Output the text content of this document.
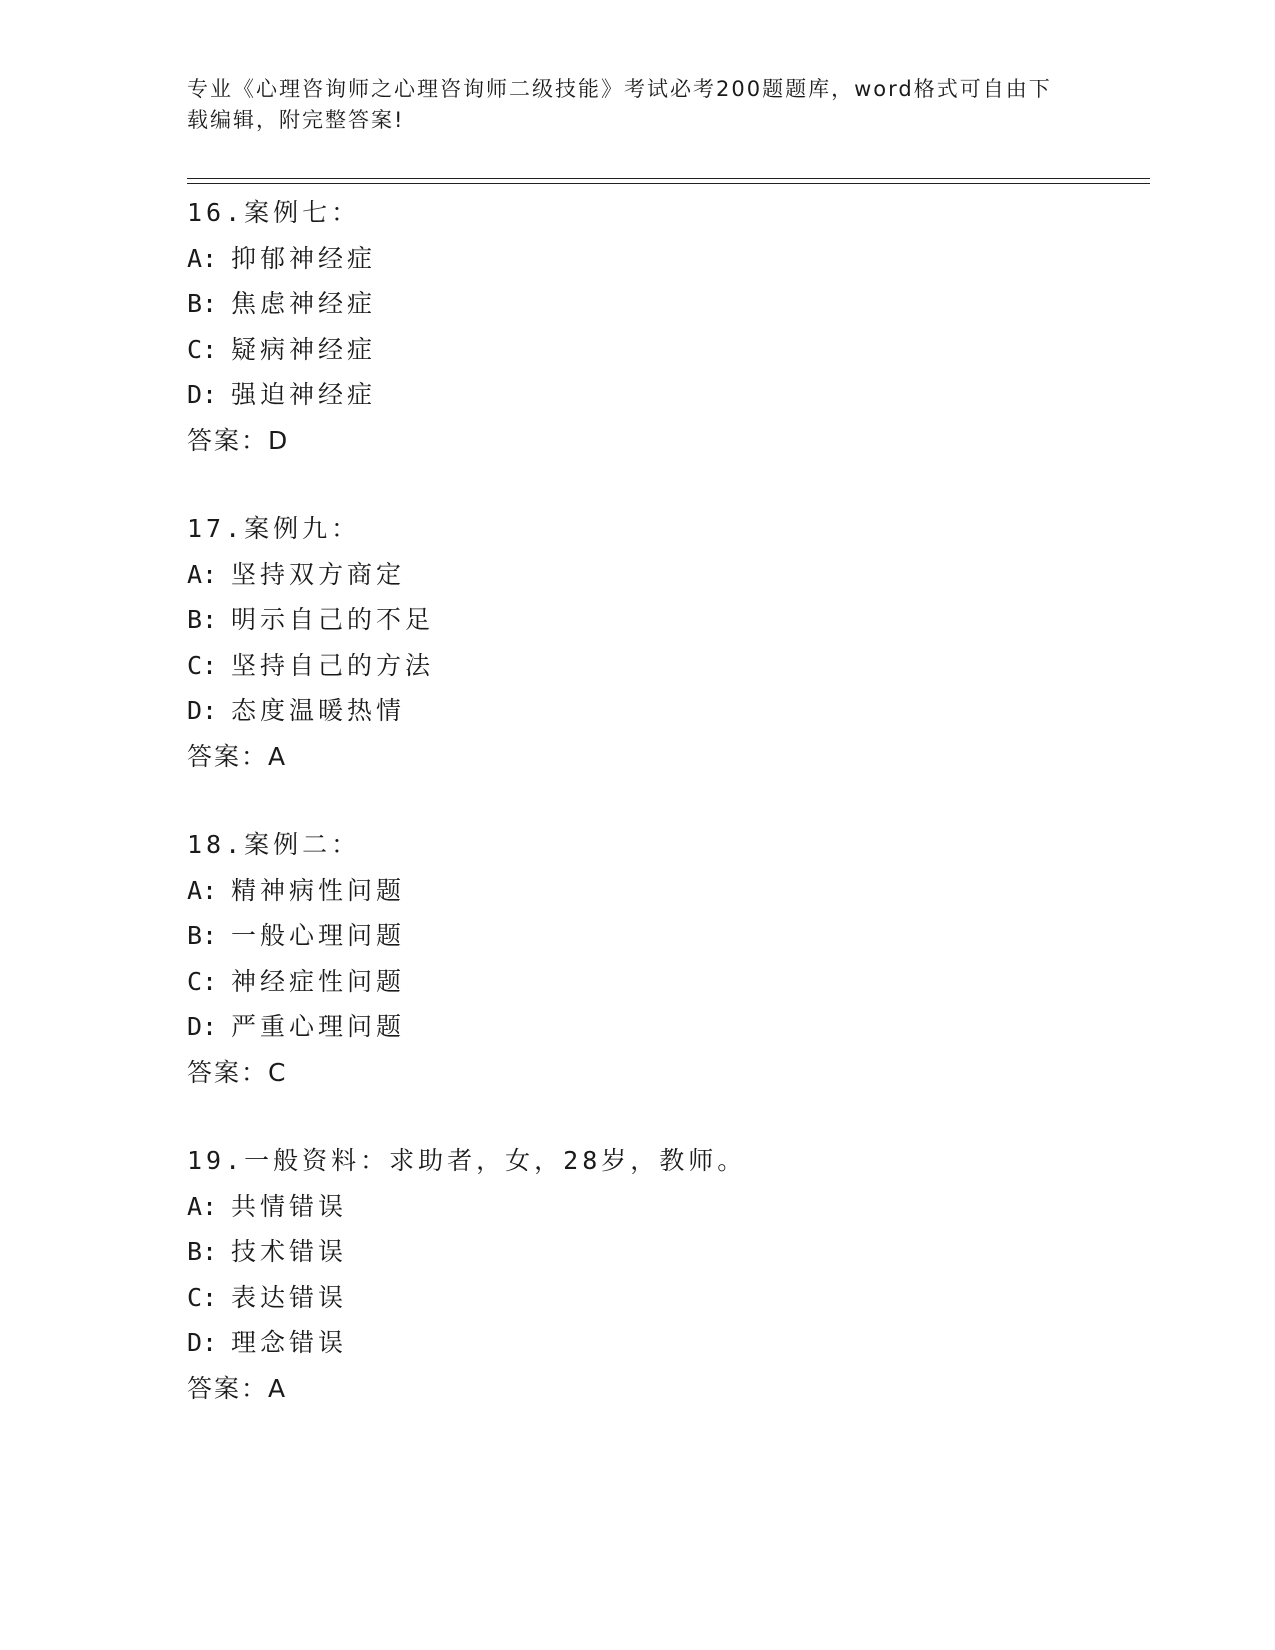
专业《心理咨询师之心理咨询师二级技能》考试必考200题题库，word格式可自由下载编辑，附完整答案!
16.案例七：
A: 抑郁神经症
B: 焦虑神经症
C: 疑病神经症
D: 强迫神经症
答案：D
17.案例九：
A: 坚持双方商定
B: 明示自己的不足
C: 坚持自己的方法
D: 态度温暖热情
答案：A
18.案例二：
A: 精神病性问题
B: 一般心理问题
C: 神经症性问题
D: 严重心理问题
答案：C
19.一般资料：求助者，女，28岁，教师。
A: 共情错误
B: 技术错误
C: 表达错误
D: 理念错误
答案：A
